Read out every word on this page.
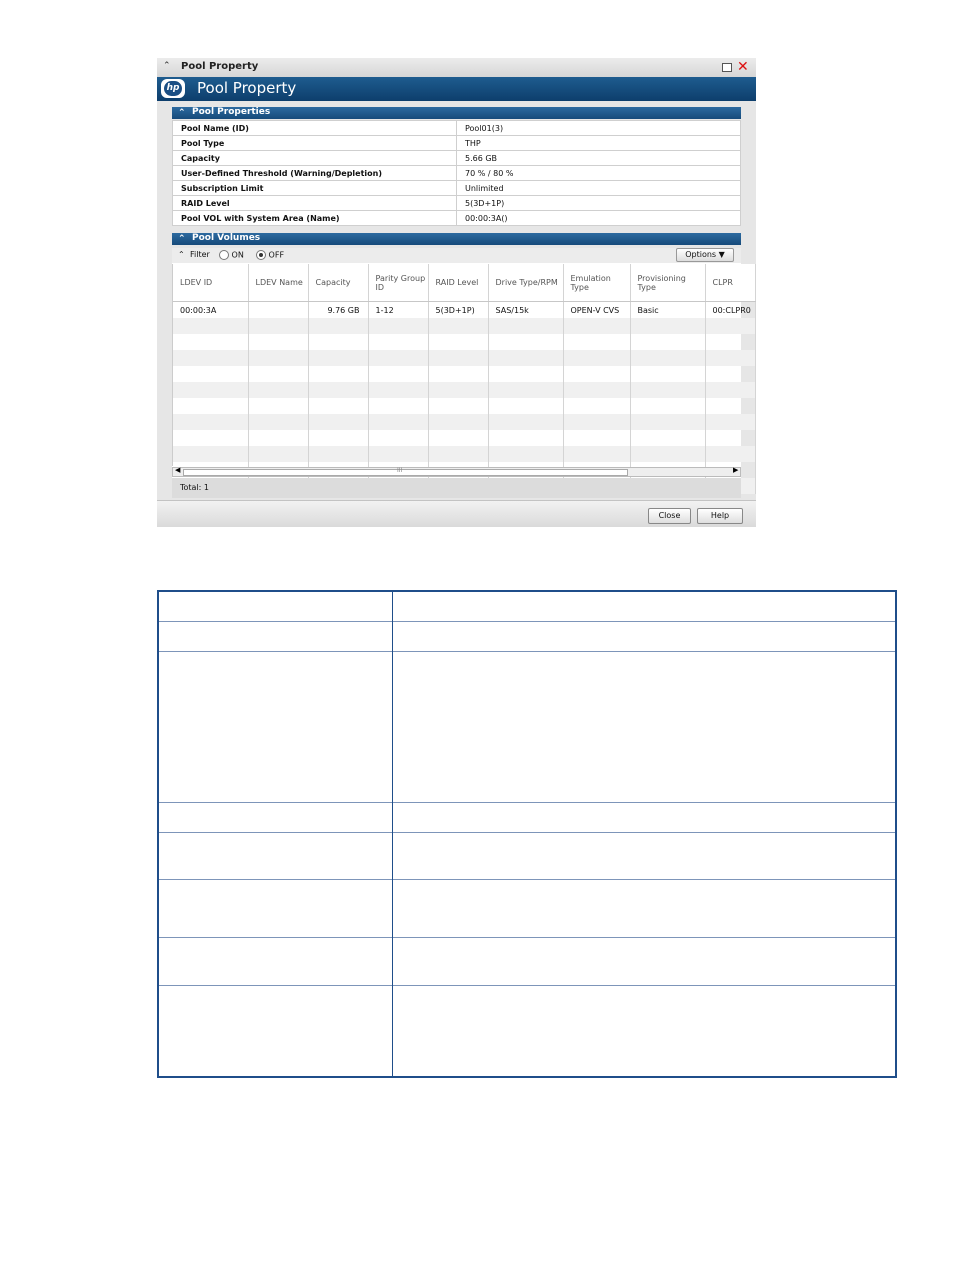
⌃ Pool Property	✕
hp Pool Property
⌃ Pool Properties
Pool Name (ID)	Pool01(3)
Pool Type	THP
Capacity	5.66 GB
User-Defined Threshold (Warning/Depletion)	70 % / 80 %
Subscription Limit	Unlimited
RAID Level	5(3D+1P)
Pool VOL with System Area (Name)	00:00:3A()
⌃ Pool Volumes
⌃ Filter	ON	OFF	Options ▼
LDEV ID	LDEV Name	Capacity	Parity Group ID	RAID Level	Drive Type/RPM	Emulation Type	Provisioning Type	CLPR
00:00:3A		9.76 GB	1-12	5(3D+1P)	SAS/15k	OPEN-V CVS	Basic	00:CLPR0

◀	III	▶
Total: 1
Close	Help
